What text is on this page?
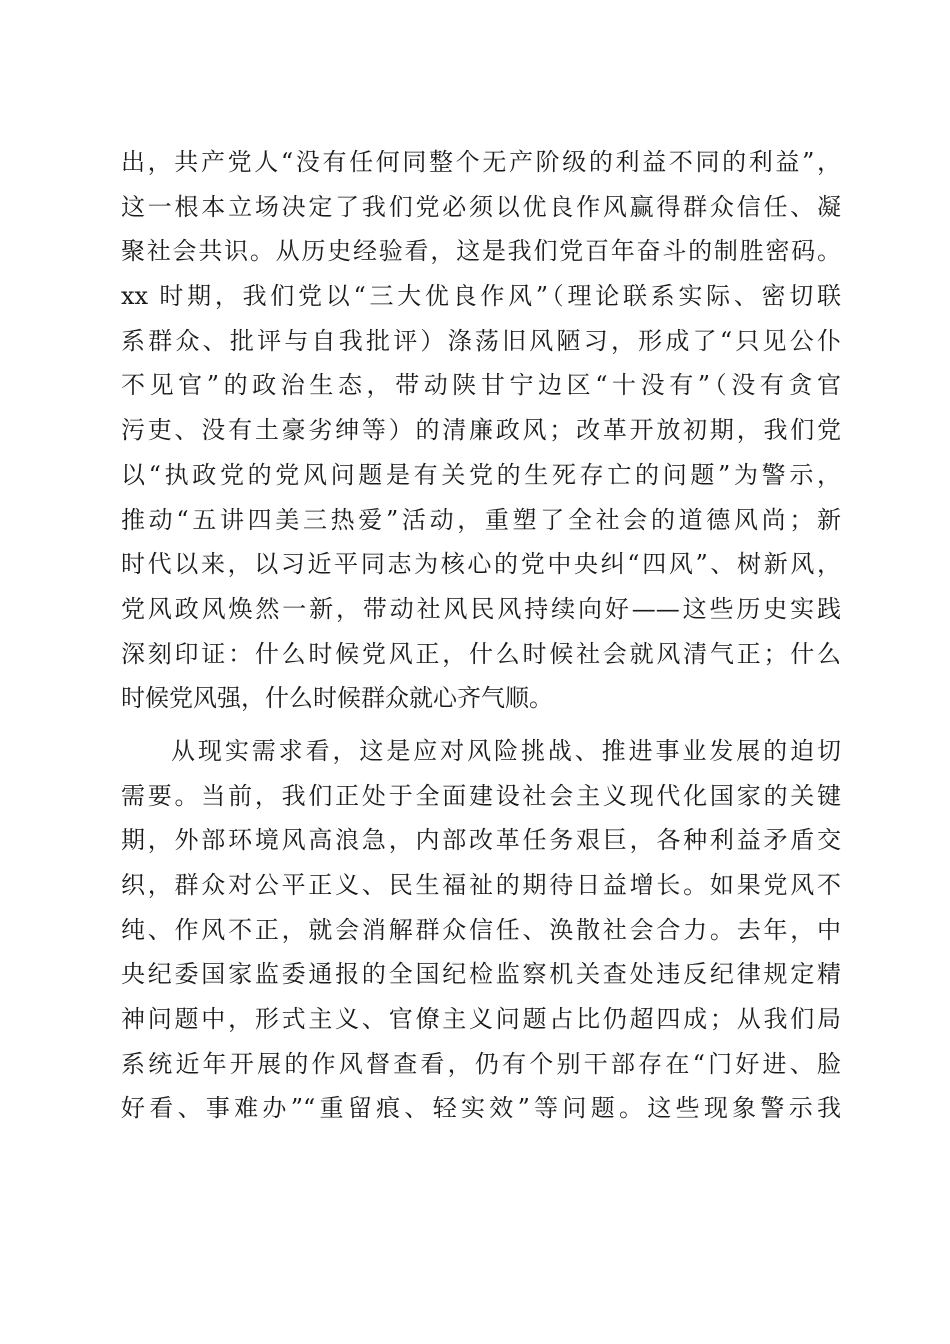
出，共产党人“没有任何同整个无产阶级的利益不同的利益”，
这一根本立场决定了我们党必须以优良作风赢得群众信任、凝
聚社会共识。从历史经验看，这是我们党百年奋斗的制胜密码。
xx 时期，我们党以“三大优良作风”（理论联系实际、密切联
系群众、批评与自我批评）涤荡旧风陋习，形成了“只见公仆
不见官”的政治生态，带动陕甘宁边区“十没有”（没有贪官
污吏、没有土豪劣绅等）的清廉政风；改革开放初期，我们党
以“执政党的党风问题是有关党的生死存亡的问题”为警示，
推动“五讲四美三热爱”活动，重塑了全社会的道德风尚；新
时代以来，以习近平同志为核心的党中央纠“四风”、树新风，
党风政风焕然一新，带动社风民风持续向好——这些历史实践
深刻印证：什么时候党风正，什么时候社会就风清气正；什么
时候党风强，什么时候群众就心齐气顺。
从现实需求看，这是应对风险挑战、推进事业发展的迫切
需要。当前，我们正处于全面建设社会主义现代化国家的关键
期，外部环境风高浪急，内部改革任务艰巨，各种利益矛盾交
织，群众对公平正义、民生福祉的期待日益增长。如果党风不
纯、作风不正，就会消解群众信任、涣散社会合力。去年，中
央纪委国家监委通报的全国纪检监察机关查处违反纪律规定精
神问题中，形式主义、官僚主义问题占比仍超四成；从我们局
系统近年开展的作风督查看，仍有个别干部存在“门好进、脸
好看、事难办”“重留痕、轻实效”等问题。这些现象警示我
